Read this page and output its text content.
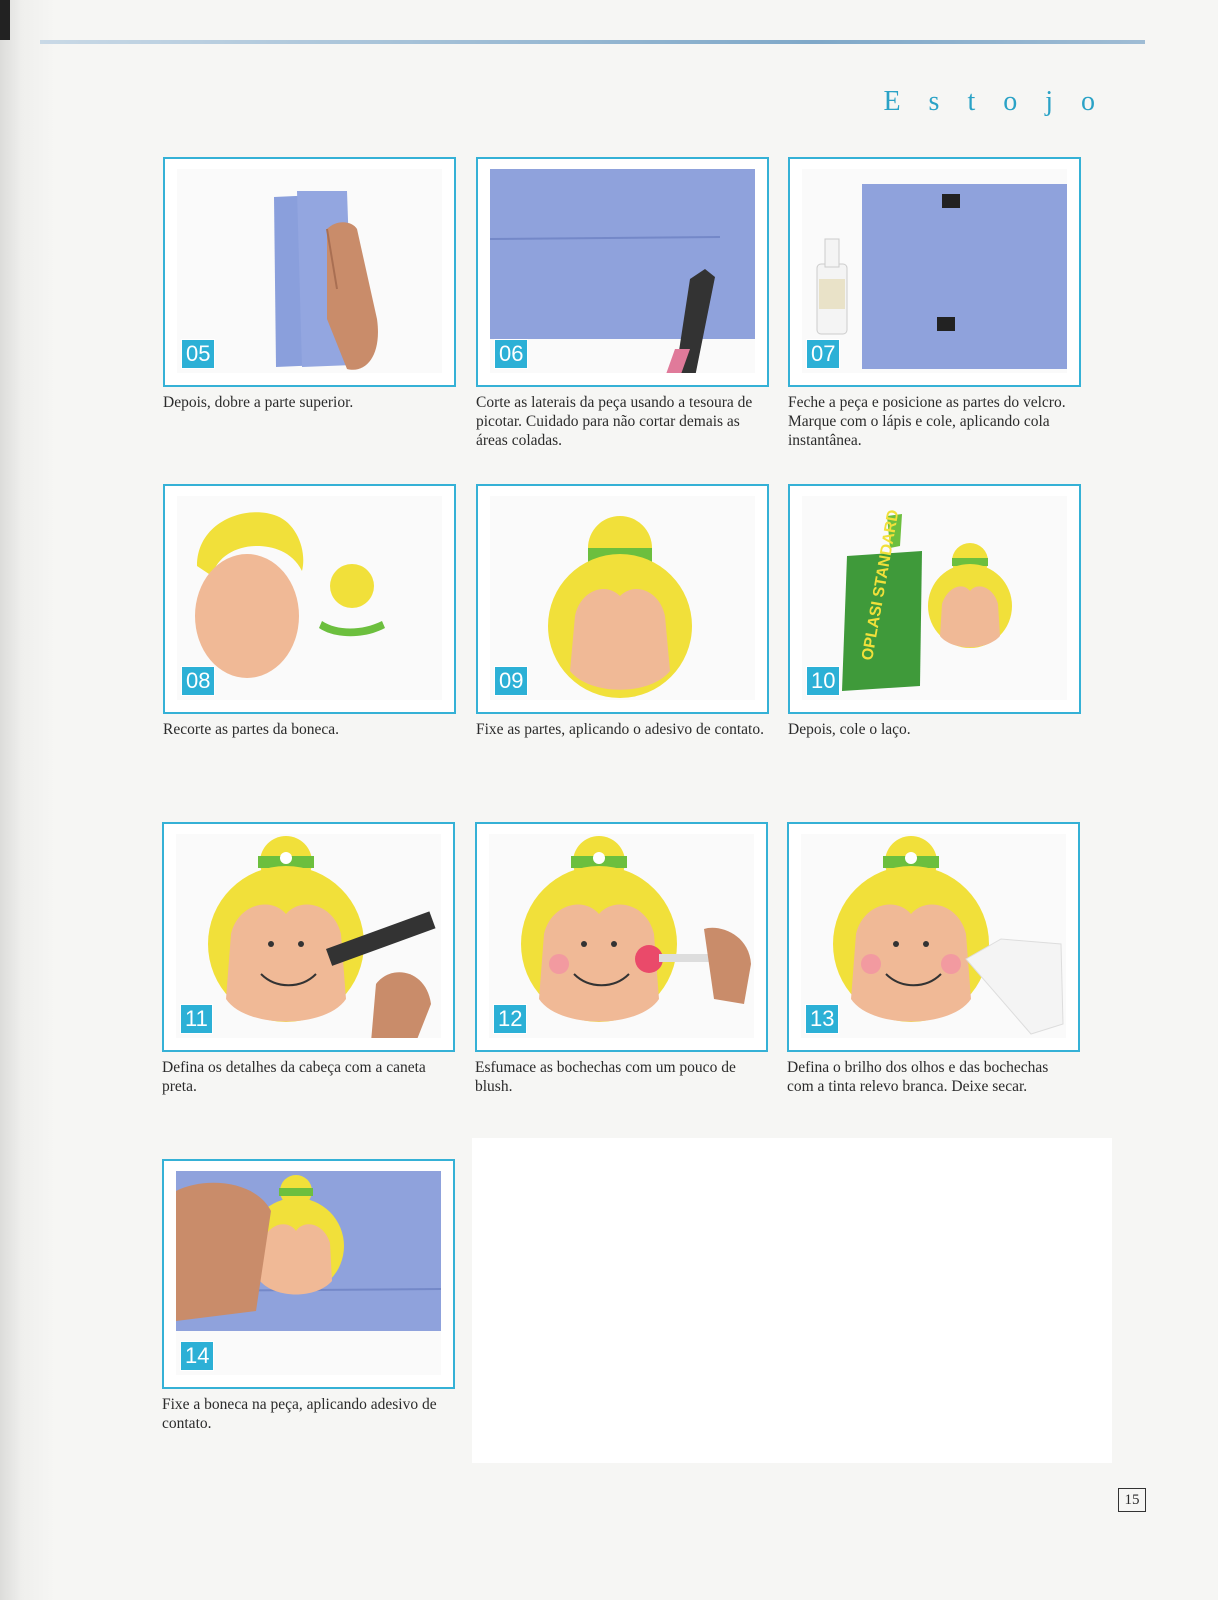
Estojo
05
Depois, dobre a parte superior.
06
Corte as laterais da peça usando a tesoura de picotar. Cuidado para não cortar demais as áreas coladas.
07
Feche a peça e posicione as partes do velcro. Marque com o lápis e cole, aplicando cola instantânea.
08
Recorte as partes da boneca.
09
Fixe as partes, aplicando o adesivo de contato.
OPLASI STANDARD
10
Depois, cole o laço.
11
Defina os detalhes da cabeça com a caneta preta.
12
Esfumace as bochechas com um pouco de blush.
13
Defina o brilho dos olhos e das bochechas com a tinta relevo branca. Deixe secar.
14
Fixe a boneca na peça, aplicando adesivo de contato.
15
